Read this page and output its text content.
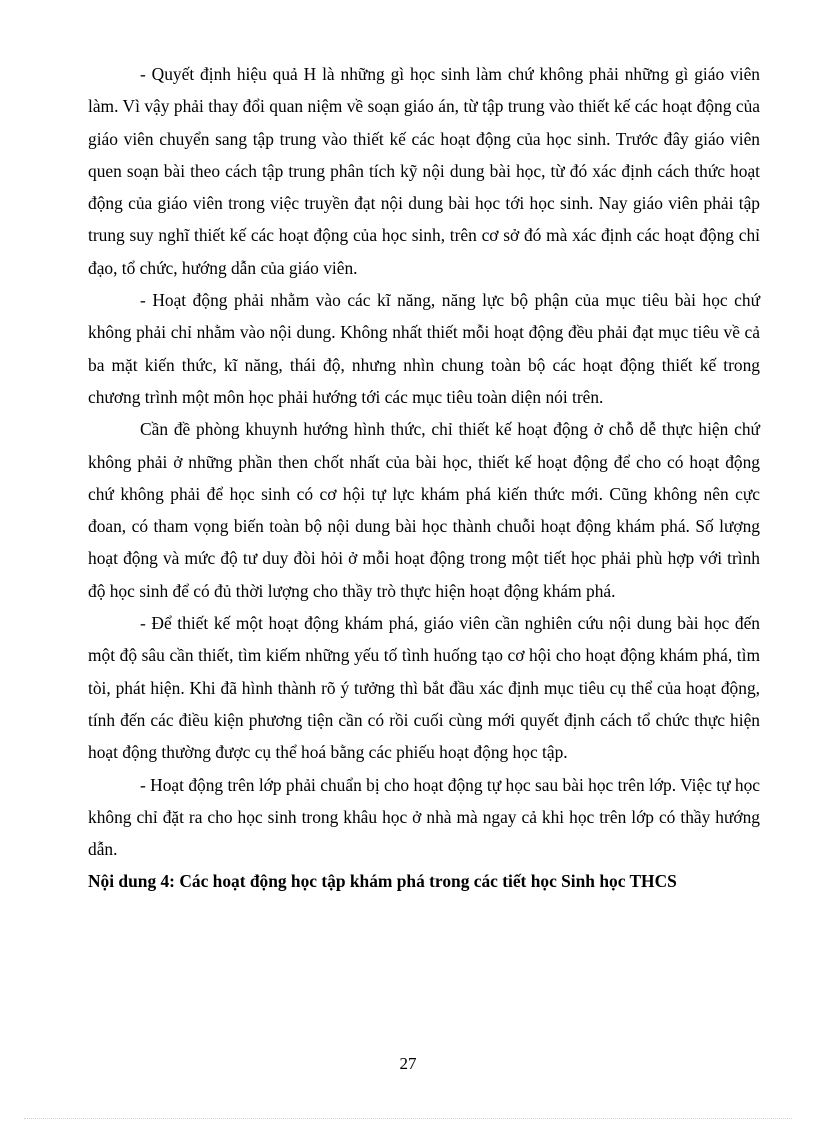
- Quyết định hiệu quả H là những gì học sinh làm chứ không phải những gì giáo viên làm. Vì vậy phải thay đổi quan niệm về soạn giáo án, từ tập trung vào thiết kế các hoạt động của giáo viên chuyển sang tập trung vào thiết kế các hoạt động của học sinh. Trước đây giáo viên quen soạn bài theo cách tập trung phân tích kỹ nội dung bài học, từ đó xác định cách thức hoạt động của giáo viên trong việc truyền đạt nội dung bài học tới học sinh. Nay giáo viên phải tập trung suy nghĩ thiết kế các hoạt động của học sinh, trên cơ sở đó mà xác định các hoạt động chỉ đạo, tổ chức, hướng dẫn của giáo viên.

- Hoạt động phải nhằm vào các kĩ năng, năng lực bộ phận của mục tiêu bài học chứ không phải chỉ nhằm vào nội dung. Không nhất thiết mỗi hoạt động đều phải đạt mục tiêu về cả ba mặt kiến thức, kĩ năng, thái độ, nhưng nhìn chung toàn bộ các hoạt động thiết kế trong chương trình một môn học phải hướng tới các mục tiêu toàn diện nói trên.

Cần đề phòng khuynh hướng hình thức, chỉ thiết kế hoạt động ở chỗ dễ thực hiện chứ không phải ở những phần then chốt nhất của bài học, thiết kế hoạt động để cho có hoạt động chứ không phải để học sinh có cơ hội tự lực khám phá kiến thức mới. Cũng không nên cực đoan, có tham vọng biến toàn bộ nội dung bài học thành chuỗi hoạt động khám phá. Số lượng hoạt động và mức độ tư duy đòi hỏi ở mỗi hoạt động trong một tiết học phải phù hợp với trình độ học sinh để có đủ thời lượng cho thầy trò thực hiện hoạt động khám phá.

- Để thiết kế một hoạt động khám phá, giáo viên cần nghiên cứu nội dung bài học đến một độ sâu cần thiết, tìm kiếm những yếu tố tình huống tạo cơ hội cho hoạt động khám phá, tìm tòi, phát hiện. Khi đã hình thành rõ ý tưởng thì bắt đầu xác định mục tiêu cụ thể của hoạt động, tính đến các điều kiện phương tiện cần có rồi cuối cùng mới quyết định cách tổ chức thực hiện hoạt động thường được cụ thể hoá bằng các phiếu hoạt động học tập.

- Hoạt động trên lớp phải chuẩn bị cho hoạt động tự học sau bài học trên lớp. Việc tự học không chỉ đặt ra cho học sinh trong khâu học ở nhà mà ngay cả khi học trên lớp có thầy hướng dẫn.

Nội dung 4: Các hoạt động học tập khám phá trong các tiết học Sinh học THCS

27
